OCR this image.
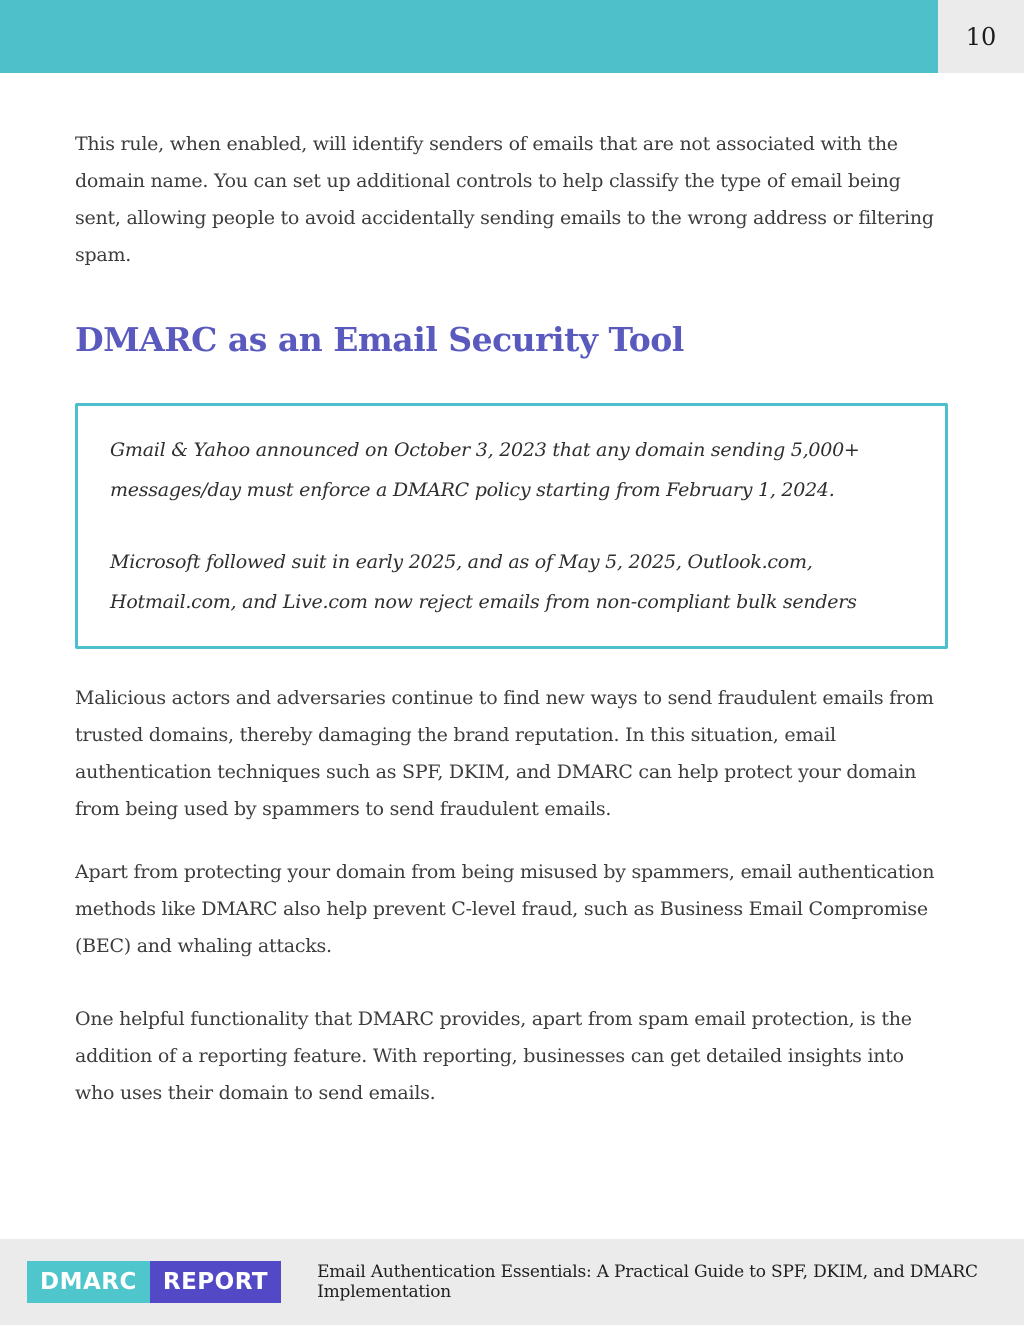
10

This rule, when enabled, will identify senders of emails that are not associated with the domain name. You can set up additional controls to help classify the type of email being sent, allowing people to avoid accidentally sending emails to the wrong address or filtering spam.

DMARC as an Email Security Tool

Gmail & Yahoo announced on October 3, 2023 that any domain sending 5,000+ messages/day must enforce a DMARC policy starting from February 1, 2024.

Microsoft followed suit in early 2025, and as of May 5, 2025, Outlook.com, Hotmail.com, and Live.com now reject emails from non-compliant bulk senders

Malicious actors and adversaries continue to find new ways to send fraudulent emails from trusted domains, thereby damaging the brand reputation. In this situation, email authentication techniques such as SPF, DKIM, and DMARC can help protect your domain from being used by spammers to send fraudulent emails.

Apart from protecting your domain from being misused by spammers, email authentication methods like DMARC also help prevent C-level fraud, such as Business Email Compromise (BEC) and whaling attacks.

One helpful functionality that DMARC provides, apart from spam email protection, is the addition of a reporting feature. With reporting, businesses can get detailed insights into who uses their domain to send emails.

DMARC	REPORT	Email Authentication Essentials: A Practical Guide to SPF, DKIM, and DMARC Implementation
